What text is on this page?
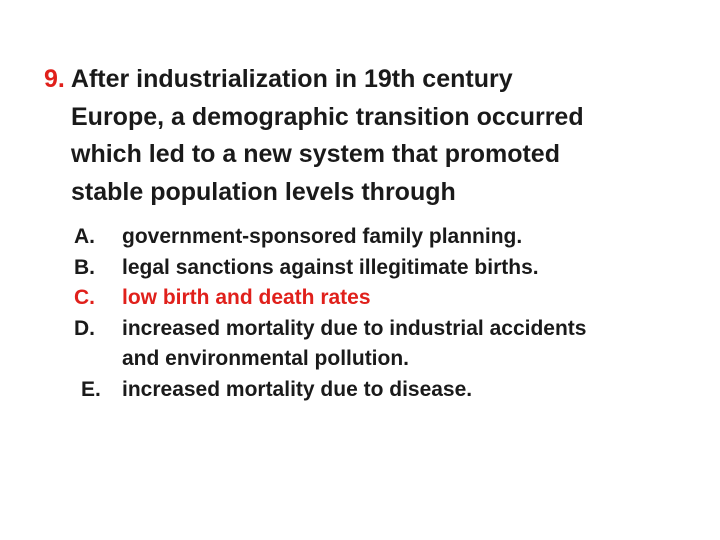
9. After industrialization in 19th century
Europe, a demographic transition occurred
which led to a new system that promoted
stable population levels through
A. government-sponsored family planning.
B. legal sanctions against illegitimate births.
C. low birth and death rates
D. increased mortality due to industrial accidents
and environmental pollution.
E. increased mortality due to disease.
